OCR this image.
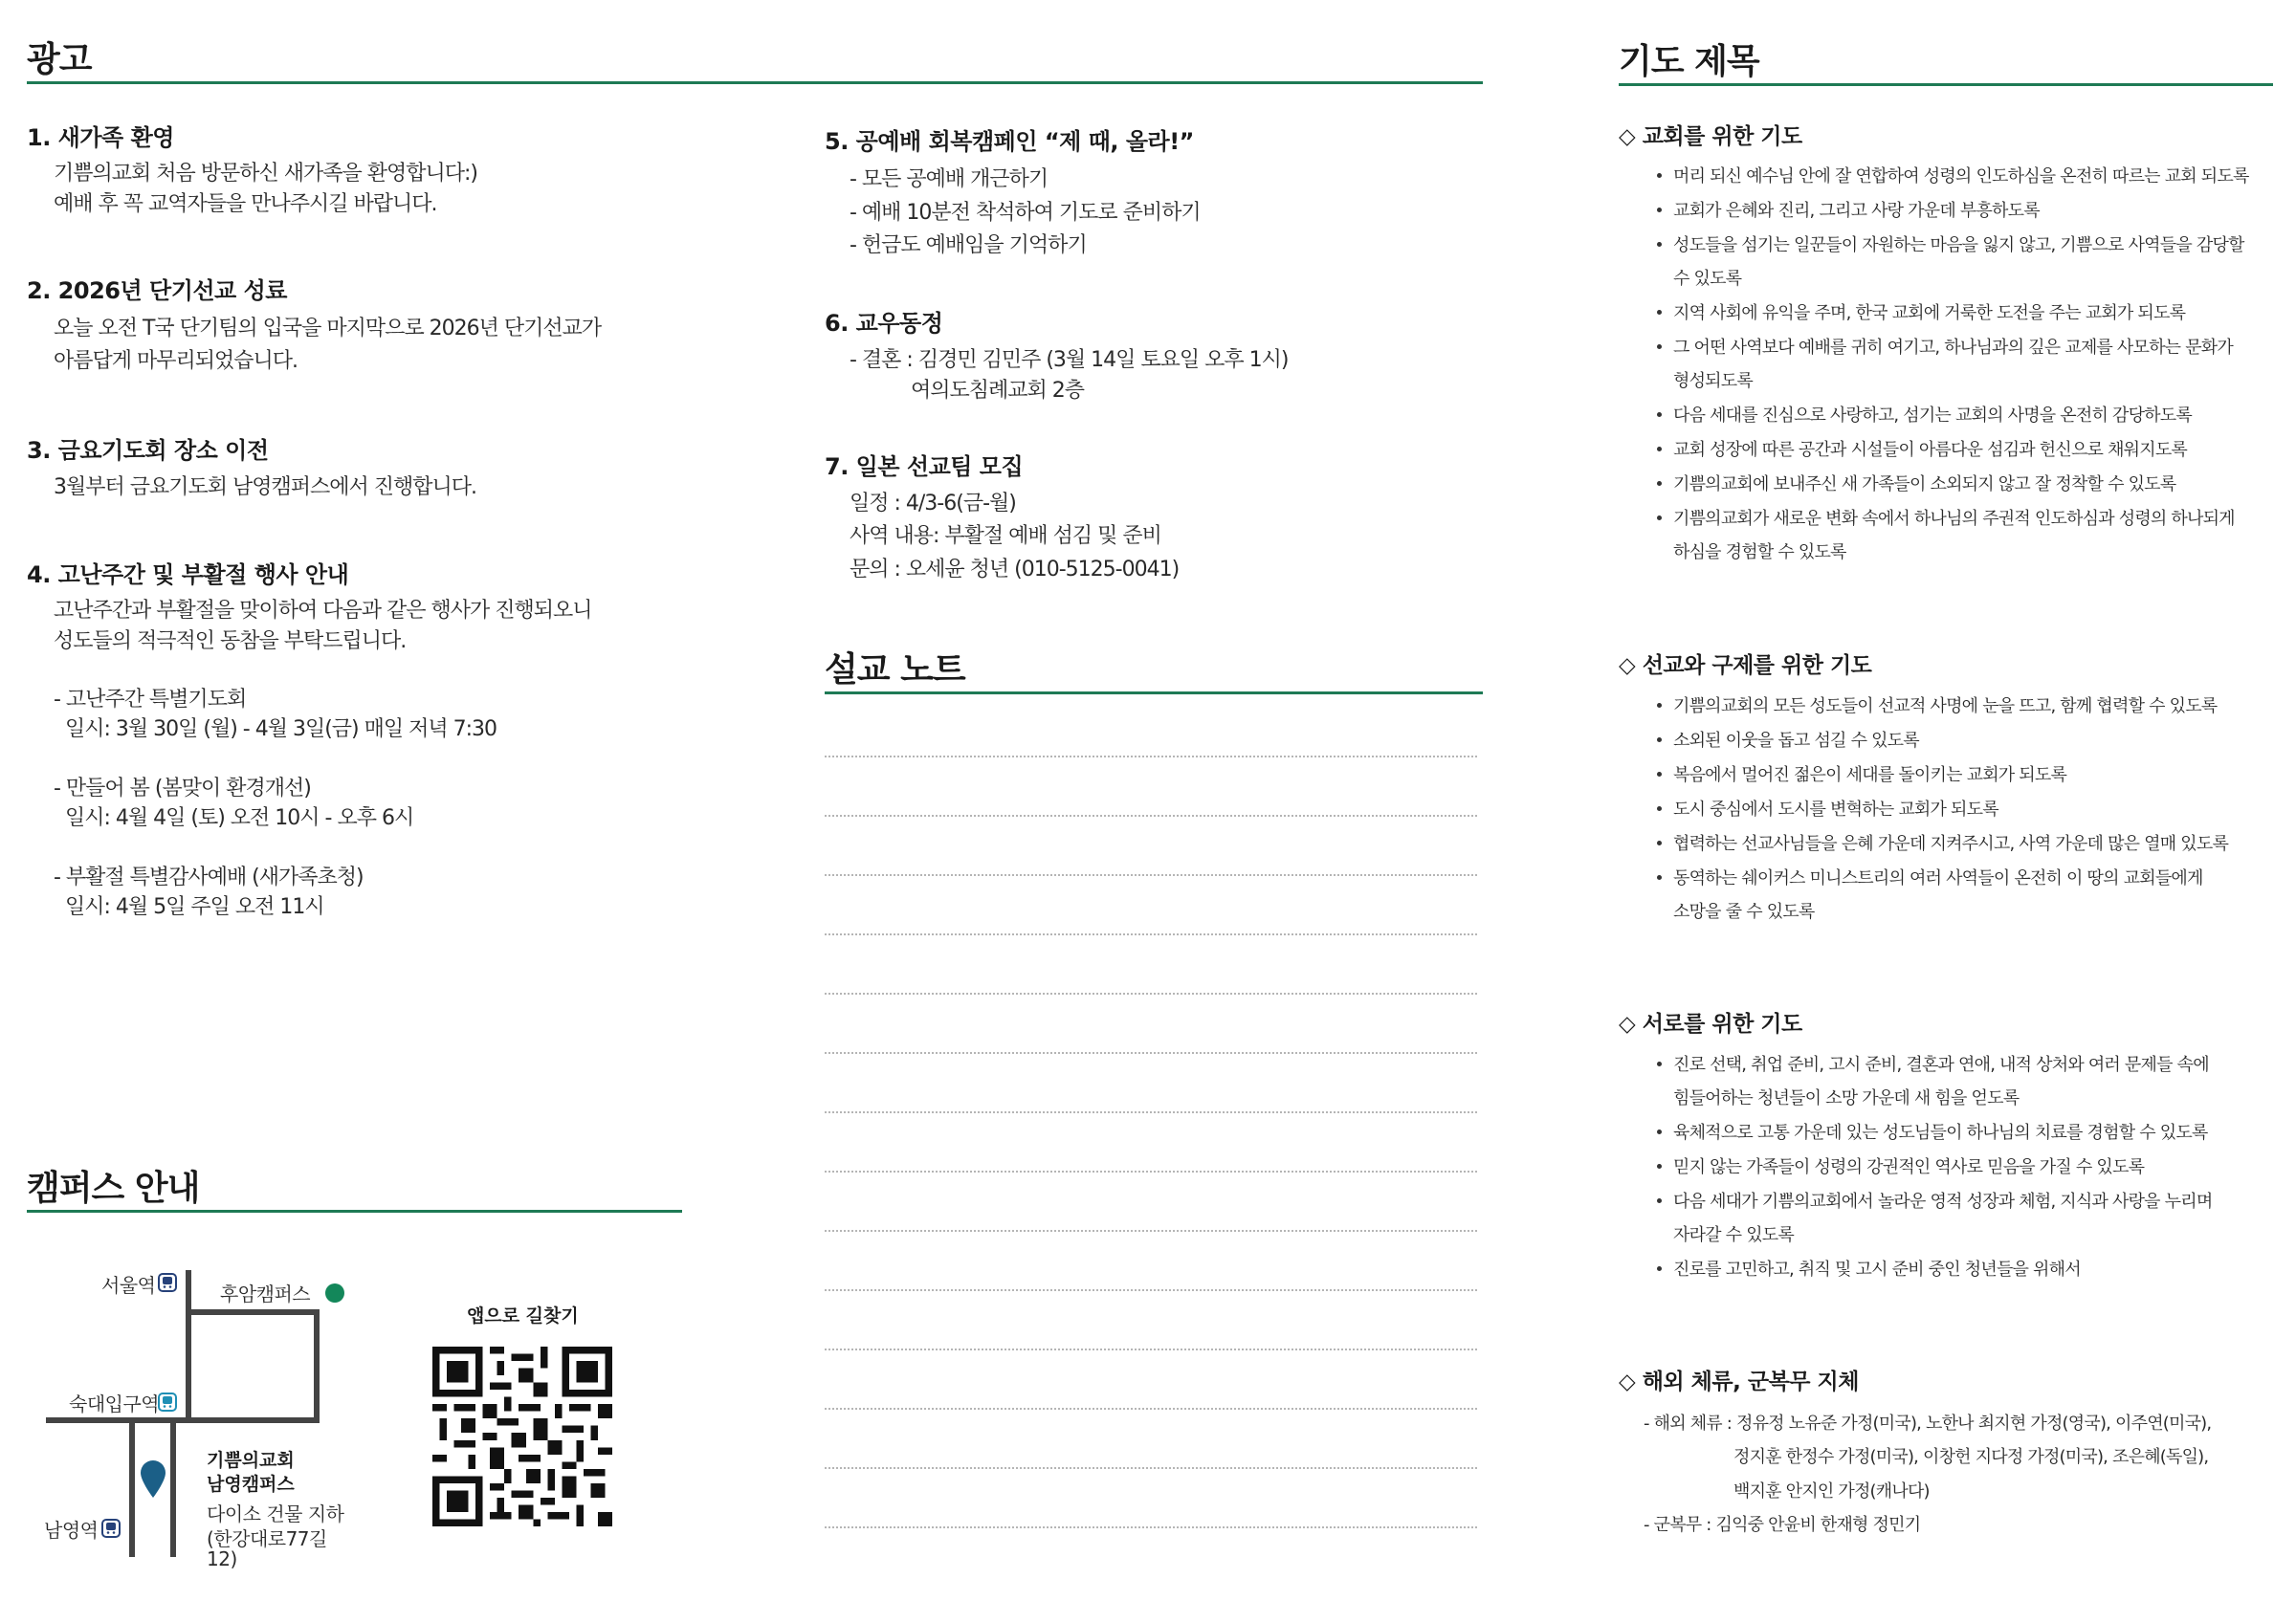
광고
1. 새가족 환영
기쁨의교회 처음 방문하신 새가족을 환영합니다:)
예배 후 꼭 교역자들을 만나주시길 바랍니다.
2. 2026년 단기선교 성료
오늘 오전 T국 단기팀의 입국을 마지막으로 2026년 단기선교가
아름답게 마무리되었습니다.
3. 금요기도회 장소 이전
3월부터 금요기도회 남영캠퍼스에서 진행합니다.
4. 고난주간 및 부활절 행사 안내
고난주간과 부활절을 맞이하여 다음과 같은 행사가 진행되오니
성도들의 적극적인 동참을 부탁드립니다.
- 고난주간 특별기도회
일시: 3월 30일 (월) - 4월 3일(금) 매일 저녁 7:30
- 만들어 봄 (봄맞이 환경개선)
일시: 4월 4일 (토) 오전 10시 - 오후 6시
- 부활절 특별감사예배 (새가족초청)
일시: 4월 5일 주일 오전 11시
5. 공예배 회복캠페인 “제 때, 올라!”
- 모든 공예배 개근하기
- 예배 10분전 착석하여 기도로 준비하기
- 헌금도 예배임을 기억하기
6. 교우동정
- 결혼 : 김경민 김민주 (3월 14일 토요일 오후 1시)
여의도침례교회 2층
7. 일본 선교팀 모집
일정 : 4/3-6(금-월)
사역 내용: 부활절 예배 섬김 및 준비
문의 : 오세윤 청년 (010-5125-0041)
설교 노트
캠퍼스 안내
서울역	후암캠퍼스
숙대입구역
남영역
기쁨의교회
남영캠퍼스
다이소 건물 지하
(한강대로77길
12)
앱으로 길찾기
기도 제목
◇ 교회를 위한 기도
머리 되신 예수님 안에 잘 연합하여 성령의 인도하심을 온전히 따르는 교회 되도록
교회가 은혜와 진리, 그리고 사랑 가운데 부흥하도록
성도들을 섬기는 일꾼들이 자원하는 마음을 잃지 않고, 기쁨으로 사역들을 감당할
수 있도록
지역 사회에 유익을 주며, 한국 교회에 거룩한 도전을 주는 교회가 되도록
그 어떤 사역보다 예배를 귀히 여기고, 하나님과의 깊은 교제를 사모하는 문화가
형성되도록
다음 세대를 진심으로 사랑하고, 섬기는 교회의 사명을 온전히 감당하도록
교회 성장에 따른 공간과 시설들이 아름다운 섬김과 헌신으로 채워지도록
기쁨의교회에 보내주신 새 가족들이 소외되지 않고 잘 정착할 수 있도록
기쁨의교회가 새로운 변화 속에서 하나님의 주권적 인도하심과 성령의 하나되게
하심을 경험할 수 있도록
◇ 선교와 구제를 위한 기도
기쁨의교회의 모든 성도들이 선교적 사명에 눈을 뜨고, 함께 협력할 수 있도록
소외된 이웃을 돕고 섬길 수 있도록
복음에서 멀어진 젊은이 세대를 돌이키는 교회가 되도록
도시 중심에서 도시를 변혁하는 교회가 되도록
협력하는 선교사님들을 은혜 가운데 지켜주시고, 사역 가운데 많은 열매 있도록
동역하는 쉐이커스 미니스트리의 여러 사역들이 온전히 이 땅의 교회들에게
소망을 줄 수 있도록
◇ 서로를 위한 기도
진로 선택, 취업 준비, 고시 준비, 결혼과 연애, 내적 상처와 여러 문제들 속에
힘들어하는 청년들이 소망 가운데 새 힘을 얻도록
육체적으로 고통 가운데 있는 성도님들이 하나님의 치료를 경험할 수 있도록
믿지 않는 가족들이 성령의 강권적인 역사로 믿음을 가질 수 있도록
다음 세대가 기쁨의교회에서 놀라운 영적 성장과 체험, 지식과 사랑을 누리며
자라갈 수 있도록
진로를 고민하고, 취직 및 고시 준비 중인 청년들을 위해서
◇ 해외 체류, 군복무 지체
- 해외 체류 : 정유정 노유준 가정(미국), 노한나 최지현 가정(영국), 이주연(미국),
정지훈 한정수 가정(미국), 이창헌 지다정 가정(미국), 조은혜(독일),
백지훈 안지인 가정(캐나다)
- 군복무 : 김익중 안윤비 한재형 정민기
